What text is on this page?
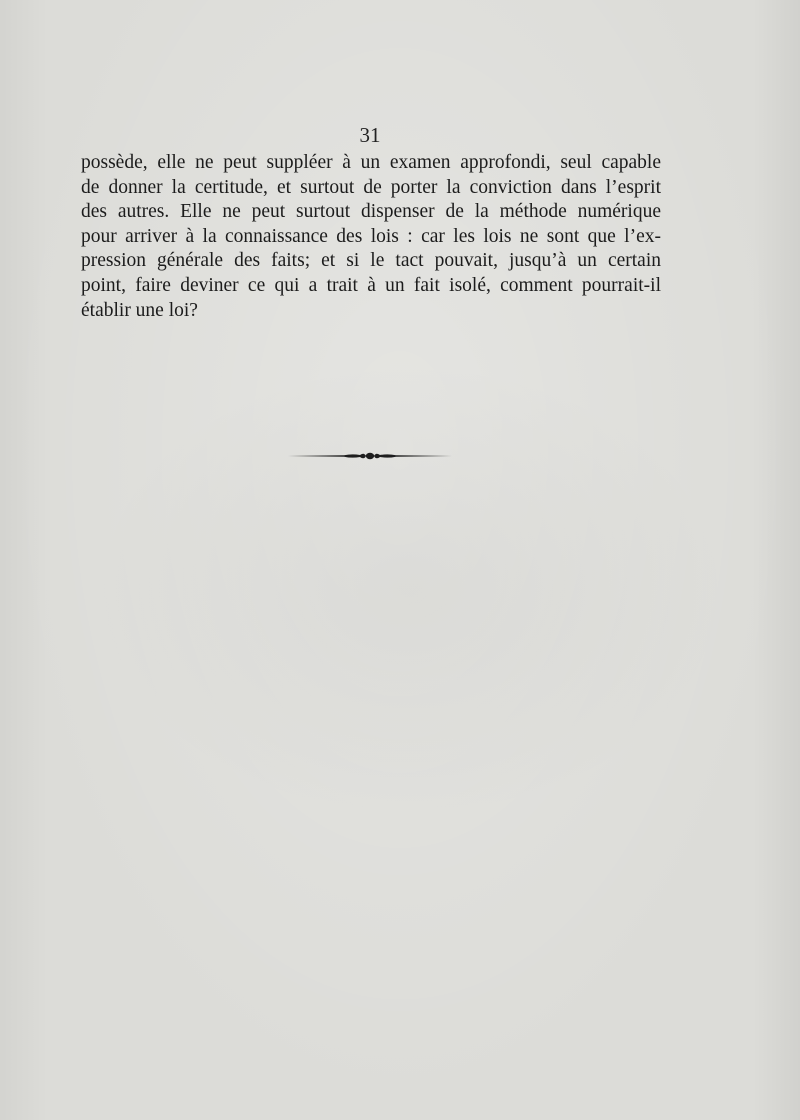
31
possède, elle ne peut suppléer à un examen approfondi, seul capable
de donner la certitude, et surtout de porter la conviction dans l’esprit
des autres. Elle ne peut surtout dispenser de la méthode numérique
pour arriver à la connaissance des lois : car les lois ne sont que l’ex-
pression générale des faits; et si le tact pouvait, jusqu’à un certain
point, faire deviner ce qui a trait à un fait isolé, comment pourrait-il
établir une loi?
